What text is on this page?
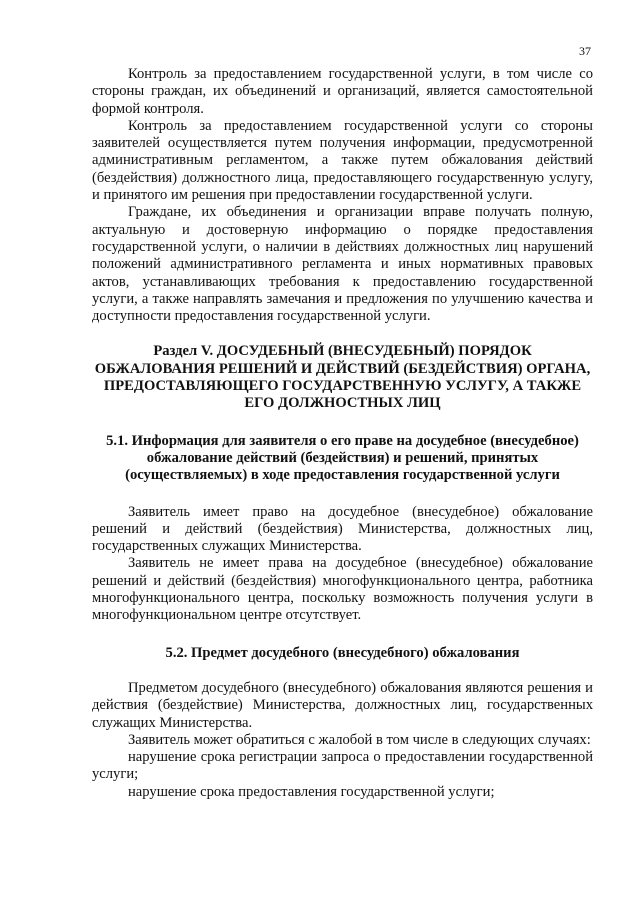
37

Контроль за предоставлением государственной услуги, в том числе со стороны граждан, их объединений и организаций, является самостоятельной формой контроля.

Контроль за предоставлением государственной услуги со стороны заявителей осуществляется путем получения информации, предусмотренной административным регламентом, а также путем обжалования действий (бездействия) должностного лица, предоставляющего государственную услугу, и принятого им решения при предоставлении государственной услуги.

Граждане, их объединения и организации вправе получать полную, актуальную и достоверную информацию о порядке предоставления государственной услуги, о наличии в действиях должностных лиц нарушений положений административного регламента и иных нормативных правовых актов, устанавливающих требования к предоставлению государственной услуги, а также направлять замечания и предложения по улучшению качества и доступности предоставления государственной услуги.

Раздел V. ДОСУДЕБНЫЙ (ВНЕСУДЕБНЫЙ) ПОРЯДОК ОБЖАЛОВАНИЯ РЕШЕНИЙ И ДЕЙСТВИЙ (БЕЗДЕЙСТВИЯ) ОРГАНА, ПРЕДОСТАВЛЯЮЩЕГО ГОСУДАРСТВЕННУЮ УСЛУГУ, А ТАКЖЕ ЕГО ДОЛЖНОСТНЫХ ЛИЦ
5.1. Информация для заявителя о его праве на досудебное (внесудебное) обжалование действий (бездействия) и решений, принятых (осуществляемых) в ходе предоставления государственной услуги

Заявитель имеет право на досудебное (внесудебное) обжалование решений и действий (бездействия) Министерства, должностных лиц, государственных служащих Министерства.

Заявитель не имеет права на досудебное (внесудебное) обжалование решений и действий (бездействия) многофункционального центра, работника многофункционального центра, поскольку возможность получения услуги в многофункциональном центре отсутствует.

5.2. Предмет досудебного (внесудебного) обжалования

Предметом досудебного (внесудебного) обжалования являются решения и действия (бездействие) Министерства, должностных лиц, государственных служащих Министерства.

Заявитель может обратиться с жалобой в том числе в следующих случаях:

нарушение срока регистрации запроса о предоставлении государственной услуги;

нарушение срока предоставления государственной услуги;
